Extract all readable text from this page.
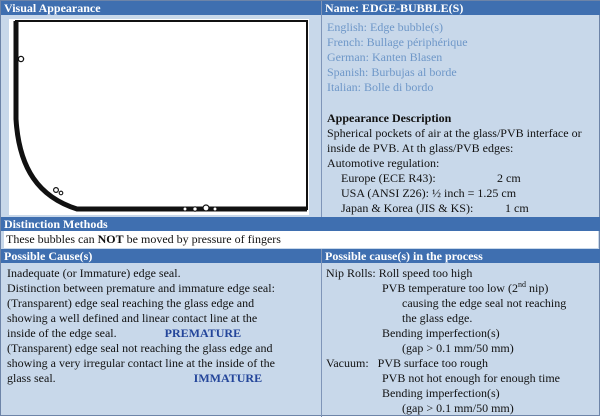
Visual Appearance	Name: EDGE-BUBBLE(S)
English: Edge bubble(s)
French: Bullage périphérique
German: Kanten Blasen
Spanish: Burbujas al borde
Italian: Bolle di bordo
Appearance Description
Spherical pockets of air at the glass/PVB interface or inside de PVB. At th glass/PVB edges:
Automotive regulation:
Europe (ECE R43):	2 cm
USA (ANSI Z26): ½ inch = 1.25 cm
Japan & Korea (JIS & KS):	1 cm
Distinction Methods
These bubbles can NOT be moved by pressure of fingers
Possible Cause(s)	Possible cause(s) in the process
Inadequate (or Immature) edge seal.
Distinction between premature and immature edge seal:
(Transparent) edge seal reaching the glass edge and
showing a well defined and linear contact line at the
inside of the edge seal.	PREMATURE
(Transparent) edge seal not reaching the glass edge and
showing a very irregular contact line at the inside of the
glass seal.	IMMATURE
Nip Rolls: Roll speed too high
PVB temperature too low (2nd nip)
causing the edge seal not reaching
the glass edge.
Bending imperfection(s)
(gap > 0.1 mm/50 mm)
Vacuum: PVB surface too rough
PVB not hot enough for enough time
Bending imperfection(s)
(gap > 0.1 mm/50 mm)
